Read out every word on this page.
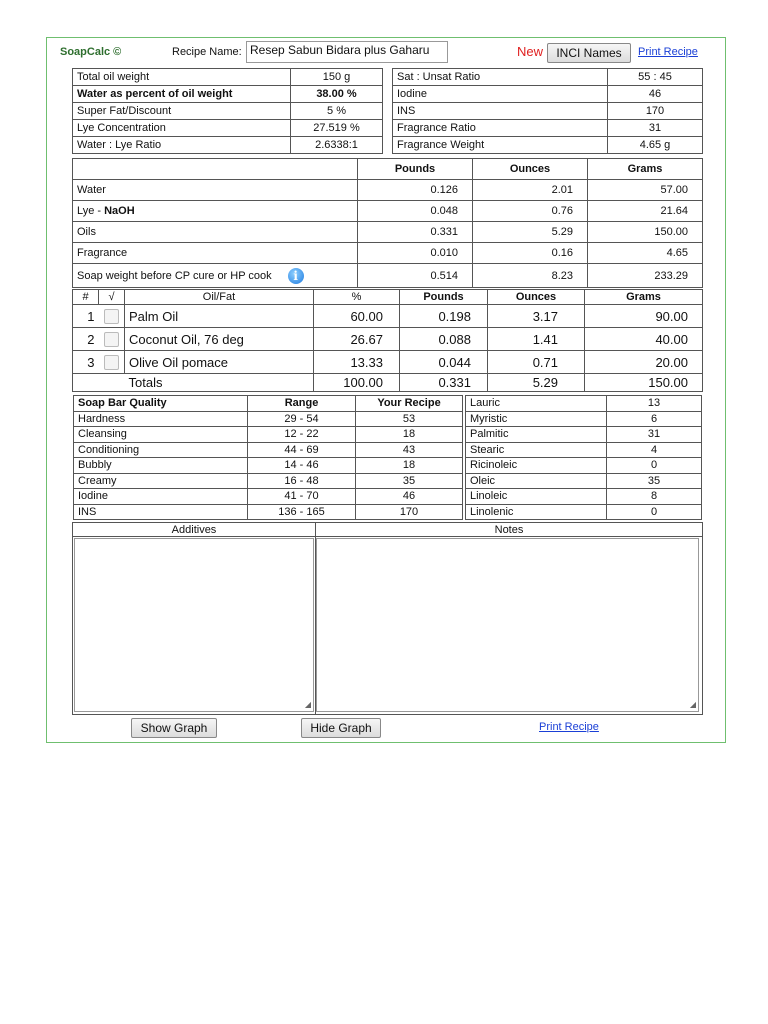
SoapCalc ©	Recipe Name: Resep Sabun Bidara plus Gaharu	New	INCI Names	Print Recipe
Total oil weight	150 g
Water as percent of oil weight	38.00 %
Super Fat/Discount	5 %
Lye Concentration	27.519 %
Water : Lye Ratio	2.6338:1
Sat : Unsat Ratio	55 : 45
Iodine	46
INS	170
Fragrance Ratio	31
Fragrance Weight	4.65 g
	Pounds	Ounces	Grams
Water	0.126	2.01	57.00
Lye - NaOH	0.048	0.76	21.64
Oils	0.331	5.29	150.00
Fragrance	0.010	0.16	4.65
Soap weight before CP cure or HP cook i	0.514	8.23	233.29
#	√	Oil/Fat	%	Pounds	Ounces	Grams
1		Palm Oil	60.00	0.198	3.17	90.00
2		Coconut Oil, 76 deg	26.67	0.088	1.41	40.00
3		Olive Oil pomace	13.33	0.044	0.71	20.00
		Totals	100.00	0.331	5.29	150.00
Soap Bar Quality	Range	Your Recipe
Hardness	29 - 54	53
Cleansing	12 - 22	18
Conditioning	44 - 69	43
Bubbly	14 - 46	18
Creamy	16 - 48	35
Iodine	41 - 70	46
INS	136 - 165	170
Lauric	13
Myristic	6
Palmitic	31
Stearic	4
Ricinoleic	0
Oleic	35
Linoleic	8
Linolenic	0
Additives	Notes

◢	◢
Show Graph	Hide Graph	Print Recipe
